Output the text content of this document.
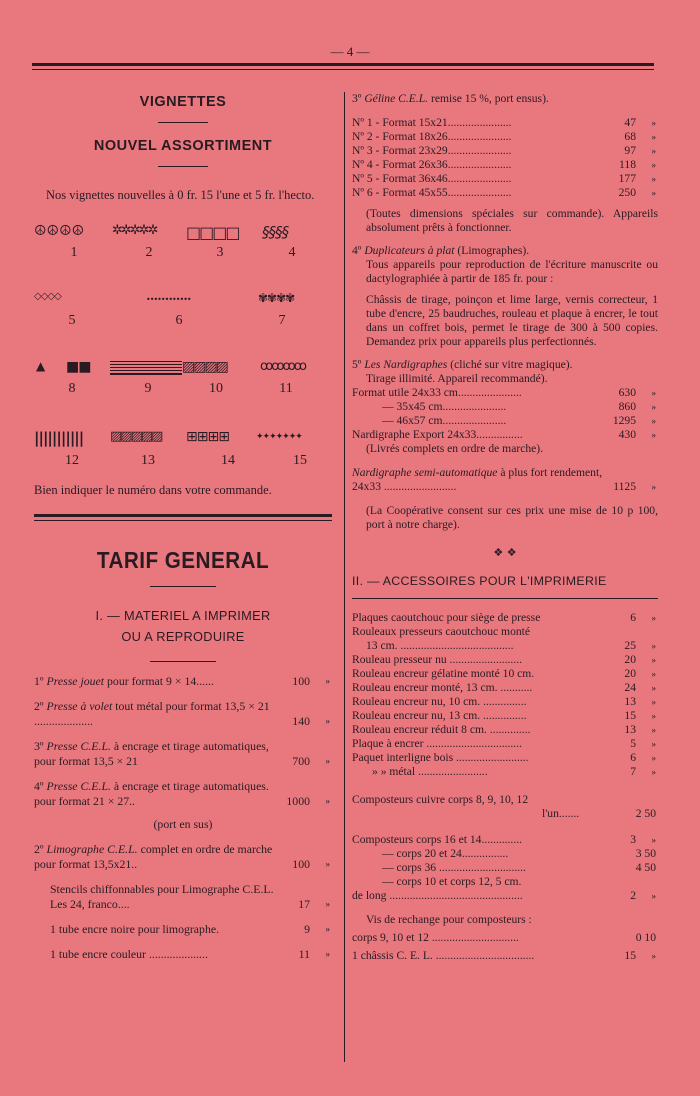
— 4 —
VIGNETTES
NOUVEL ASSORTIMENT
Nos vignettes nouvelles à 0 fr. 15 l'une et 5 fr. l'hecto.
☮☮☮☮ ✲✲✲✲✲ □□□□ §§§§
1	2	3	4
◇◇◇◇	••••••••••••	✾✾✾✾
5	6	7
▲ ■■	▨▨▨▨	ꝏꝏꝏꝏ
8	9	10	11
||||||||||| ▨▨▨▨▨ ⊞⊞⊞⊞	✦✦✦✦✦✦✦
12	13	14	15
Bien indiquer le numéro dans votre commande.
TARIF GENERAL
I. — MATERIEL A IMPRIMER
OU A REPRODUIRE
1º Presse jouet pour format 9 × 14......	100 »
2º Presse à volet tout métal pour format 13,5 × 21 ....................	140 »
3º Presse C.E.L. à encrage et tirage automatiques, pour format 13,5 × 21	700 »
4º Presse C.E.L. à encrage et tirage automatiques. pour format 21 × 27..	1000 »
(port en sus)
2º Limographe C.E.L. complet en ordre de marche pour format 13,5x21..	100 »
Stencils chiffonnables pour Limographe C.E.L. Les 24, franco....	17 »
1 tube encre noire pour limographe.	9 »
1 tube encre couleur ....................	11 »
3º Géline C.E.L. remise 15 %, port ensus).
Nº 1 - Format 15x21......................	47 »
Nº 2 - Format 18x26......................	68 »
Nº 3 - Format 23x29......................	97 »
Nº 4 - Format 26x36......................	118 »
Nº 5 - Format 36x46......................	177 »
Nº 6 - Format 45x55......................	250 »
(Toutes dimensions spéciales sur commande). Appareils absolument prêts à fonctionner.
4º Duplicateurs à plat (Limographes).
Tous appareils pour reproduction de l'écriture manuscrite ou dactylographiée à partir de 185 fr. pour :
Châssis de tirage, poinçon et lime large, vernis correcteur, 1 tube d'encre, 25 baudruches, rouleau et plaque à encrer, le tout dans un coffret bois, permet le tirage de 300 à 500 copies. Demandez prix pour appareils plus perfectionnés.
5º Les Nardigraphes (cliché sur vitre magique).
Tirage illimité. Appareil recommandé).
Format utile 24x33 cm......................	630 »
— 35x45 cm......................	860 »
— 46x57 cm......................	1295 »
Nardigraphe Export 24x33................	430 »
(Livrés complets en ordre de marche).
Nardigraphe semi-automatique à plus fort rendement, 24x33 .........................	1125 »
(La Coopérative consent sur ces prix une mise de 10 p 100, port à notre charge).
❖ ❖
II. — ACCESSOIRES POUR L'IMPRIMERIE
Plaques caoutchouc pour siège de presse	6 »
Rouleaux presseurs caoutchouc monté
13 cm. .......................................	25 »
Rouleau presseur nu .........................	20 »
Rouleau encreur gélatine monté 10 cm.	20 »
Rouleau encreur monté, 13 cm. ...........	24 »
Rouleau encreur nu, 10 cm. ...............	13 »
Rouleau encreur nu, 13 cm. ...............	15 »
Rouleau encreur réduit 8 cm. ..............	13 »
Plaque à encrer .................................	5 »
Paquet interligne bois .........................	6 »
» » métal ........................	7 »
Composteurs cuivre corps 8, 9, 10, 12
l'un.......	2 50
Composteurs corps 16 et 14..............	3 »
— corps 20 et 24................	3 50
— corps 36 ..............................	4 50
— corps 10 et corps 12, 5 cm.
de long ..............................................	2 »
Vis de rechange pour composteurs :
corps 9, 10 et 12 ..............................	0 10
1 châssis C. E. L. ..................................	15 »
